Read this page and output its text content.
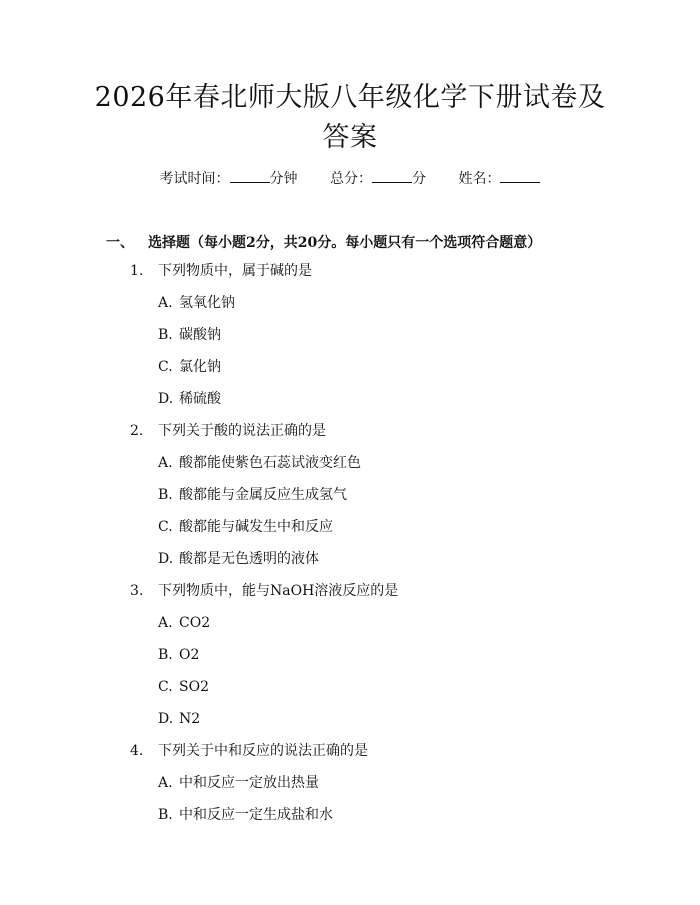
2026年春北师大版八年级化学下册试卷及答案
考试时间：	分钟 总分：	分 姓名：
一、 选择题（每小题2分，共20分。每小题只有一个选项符合题意）
1. 下列物质中，属于碱的是
A. 氢氧化钠
B. 碳酸钠
C. 氯化钠
D. 稀硫酸
2. 下列关于酸的说法正确的是
A. 酸都能使紫色石蕊试液变红色
B. 酸都能与金属反应生成氢气
C. 酸都能与碱发生中和反应
D. 酸都是无色透明的液体
3. 下列物质中，能与NaOH溶液反应的是
A. CO2
B. O2
C. SO2
D. N2
4. 下列关于中和反应的说法正确的是
A. 中和反应一定放出热量
B. 中和反应一定生成盐和水
